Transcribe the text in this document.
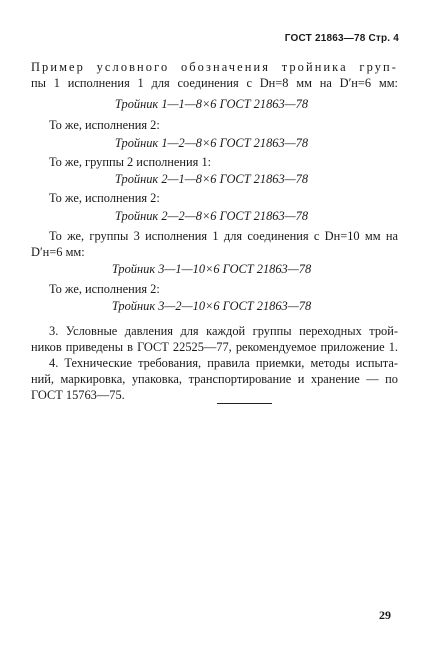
ГОСТ 21863—78 Стр. 4
Пример условного обозначения тройника груп-
пы 1 исполнения 1 для соединения с Dн=8 мм на D′н=6 мм:
Тройник 1—1—8×6 ГОСТ 21863—78
То же, исполнения 2:
Тройник 1—2—8×6 ГОСТ 21863—78
То же, группы 2 исполнения 1:
Тройник 2—1—8×6 ГОСТ 21863—78
То же, исполнения 2:
Тройник 2—2—8×6 ГОСТ 21863—78
То же, группы 3 исполнения 1 для соединения с Dн=10 мм на
D′н=6 мм:
Тройник 3—1—10×6 ГОСТ 21863—78
То же, исполнения 2:
Тройник 3—2—10×6 ГОСТ 21863—78
3. Условные давления для каждой группы переходных трой-
ников приведены в ГОСТ 22525—77, рекомендуемое приложение 1.
4. Технические требования, правила приемки, методы испыта-
ний, маркировка, упаковка, транспортирование и хранение — по
ГОСТ 15763—75.
29
